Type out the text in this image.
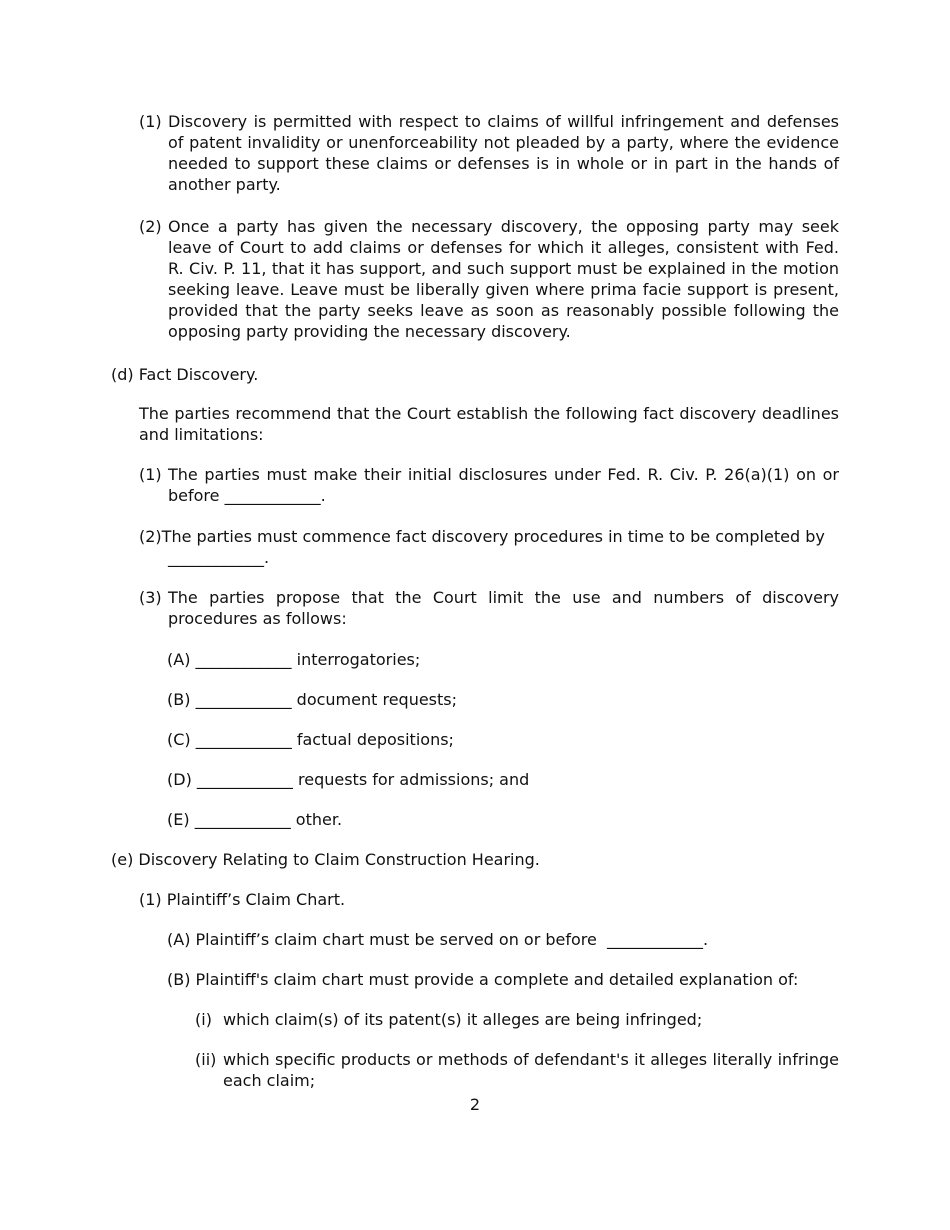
(1) Discovery is permitted with respect to claims of willful infringement and defenses of patent invalidity or unenforceability not pleaded by a party, where the evidence needed to support these claims or defenses is in whole or in part in the hands of another party.
(2) Once a party has given the necessary discovery, the opposing party may seek leave of Court to add claims or defenses for which it alleges, consistent with Fed. R. Civ. P. 11, that it has support, and such support must be explained in the motion seeking leave. Leave must be liberally given where prima facie support is present, provided that the party seeks leave as soon as reasonably possible following the opposing party providing the necessary discovery.

(d) Fact Discovery.

The parties recommend that the Court establish the following fact discovery deadlines and limitations:

(1) The parties must make their initial disclosures under Fed. R. Civ. P. 26(a)(1) on or before ____________.

(2)The parties must commence fact discovery procedures in time to be completed by

____________.

(3) The parties propose that the Court limit the use and numbers of discovery procedures as follows:

(A) ____________ interrogatories;

(B) ____________ document requests;

(C) ____________ factual depositions;

(D) ____________ requests for admissions; and

(E) ____________ other.

(e) Discovery Relating to Claim Construction Hearing.

(1) Plaintiff’s Claim Chart.

(A) Plaintiff’s claim chart must be served on or before  ____________.

(B) Plaintiff's claim chart must provide a complete and detailed explanation of:

(i) which claim(s) of its patent(s) it alleges are being infringed;
(ii) which specific products or methods of defendant's it alleges literally infringe each claim;
2
